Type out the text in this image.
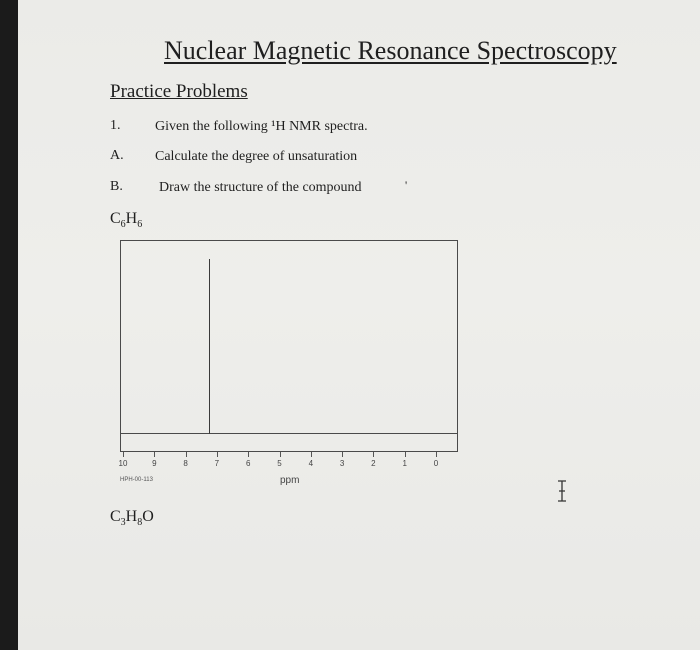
Nuclear Magnetic Resonance Spectroscopy
Practice Problems
1. Given the following ¹H NMR spectra.
A. Calculate the degree of unsaturation
B.	Draw the structure of the compound	'
$C_6H_6$
10	9	8	7	6	5	4	3	2	1	0
HPH-00-113	ppm
$C_3H_8O$
